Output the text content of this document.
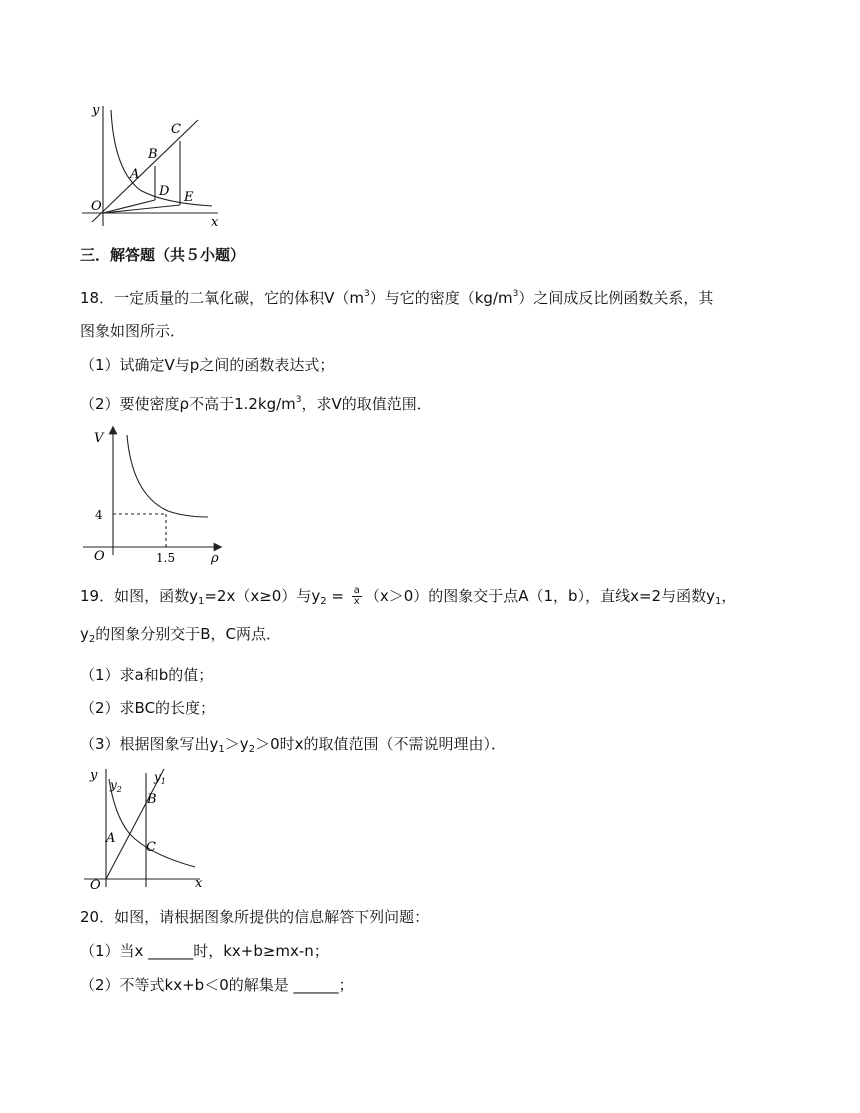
y
x
O
A
B
C
D E
三．解答题（共５小题）
18．一定质量的二氧化碳，它的体积$V(m^3)$与它的密度$(kg/m^3)$之间成反比例函数关系，其
图象如图所示．
（1）试确定V与p之间的函数表达式；
（2）要使密度ρ不高于$1.2kg/m^3$，求V的取值范围．
V
ρ
O
4
1.5
19．如图，函数$y_1=2x(x\ge 0)$与$y_2 = \frac{a}{x} (x>0)$的图象交于点A（1，b），直线x=2与函数$y_1$，
$y_2$的图象分别交于B，C两点．
（1）求a和b的值；
（2）求BC的长度；
（3）根据图象写出$y_1>y_2>0$时x的取值范围（不需说明理由）．
y
$y_2$
$y_1$
A
B
C
O	x
20．如图，请根据图象所提供的信息解答下列问题：
（1）当x ______时，kx+b≥mx-n；
（2）不等式kx+b＜0的解集是 ______；
